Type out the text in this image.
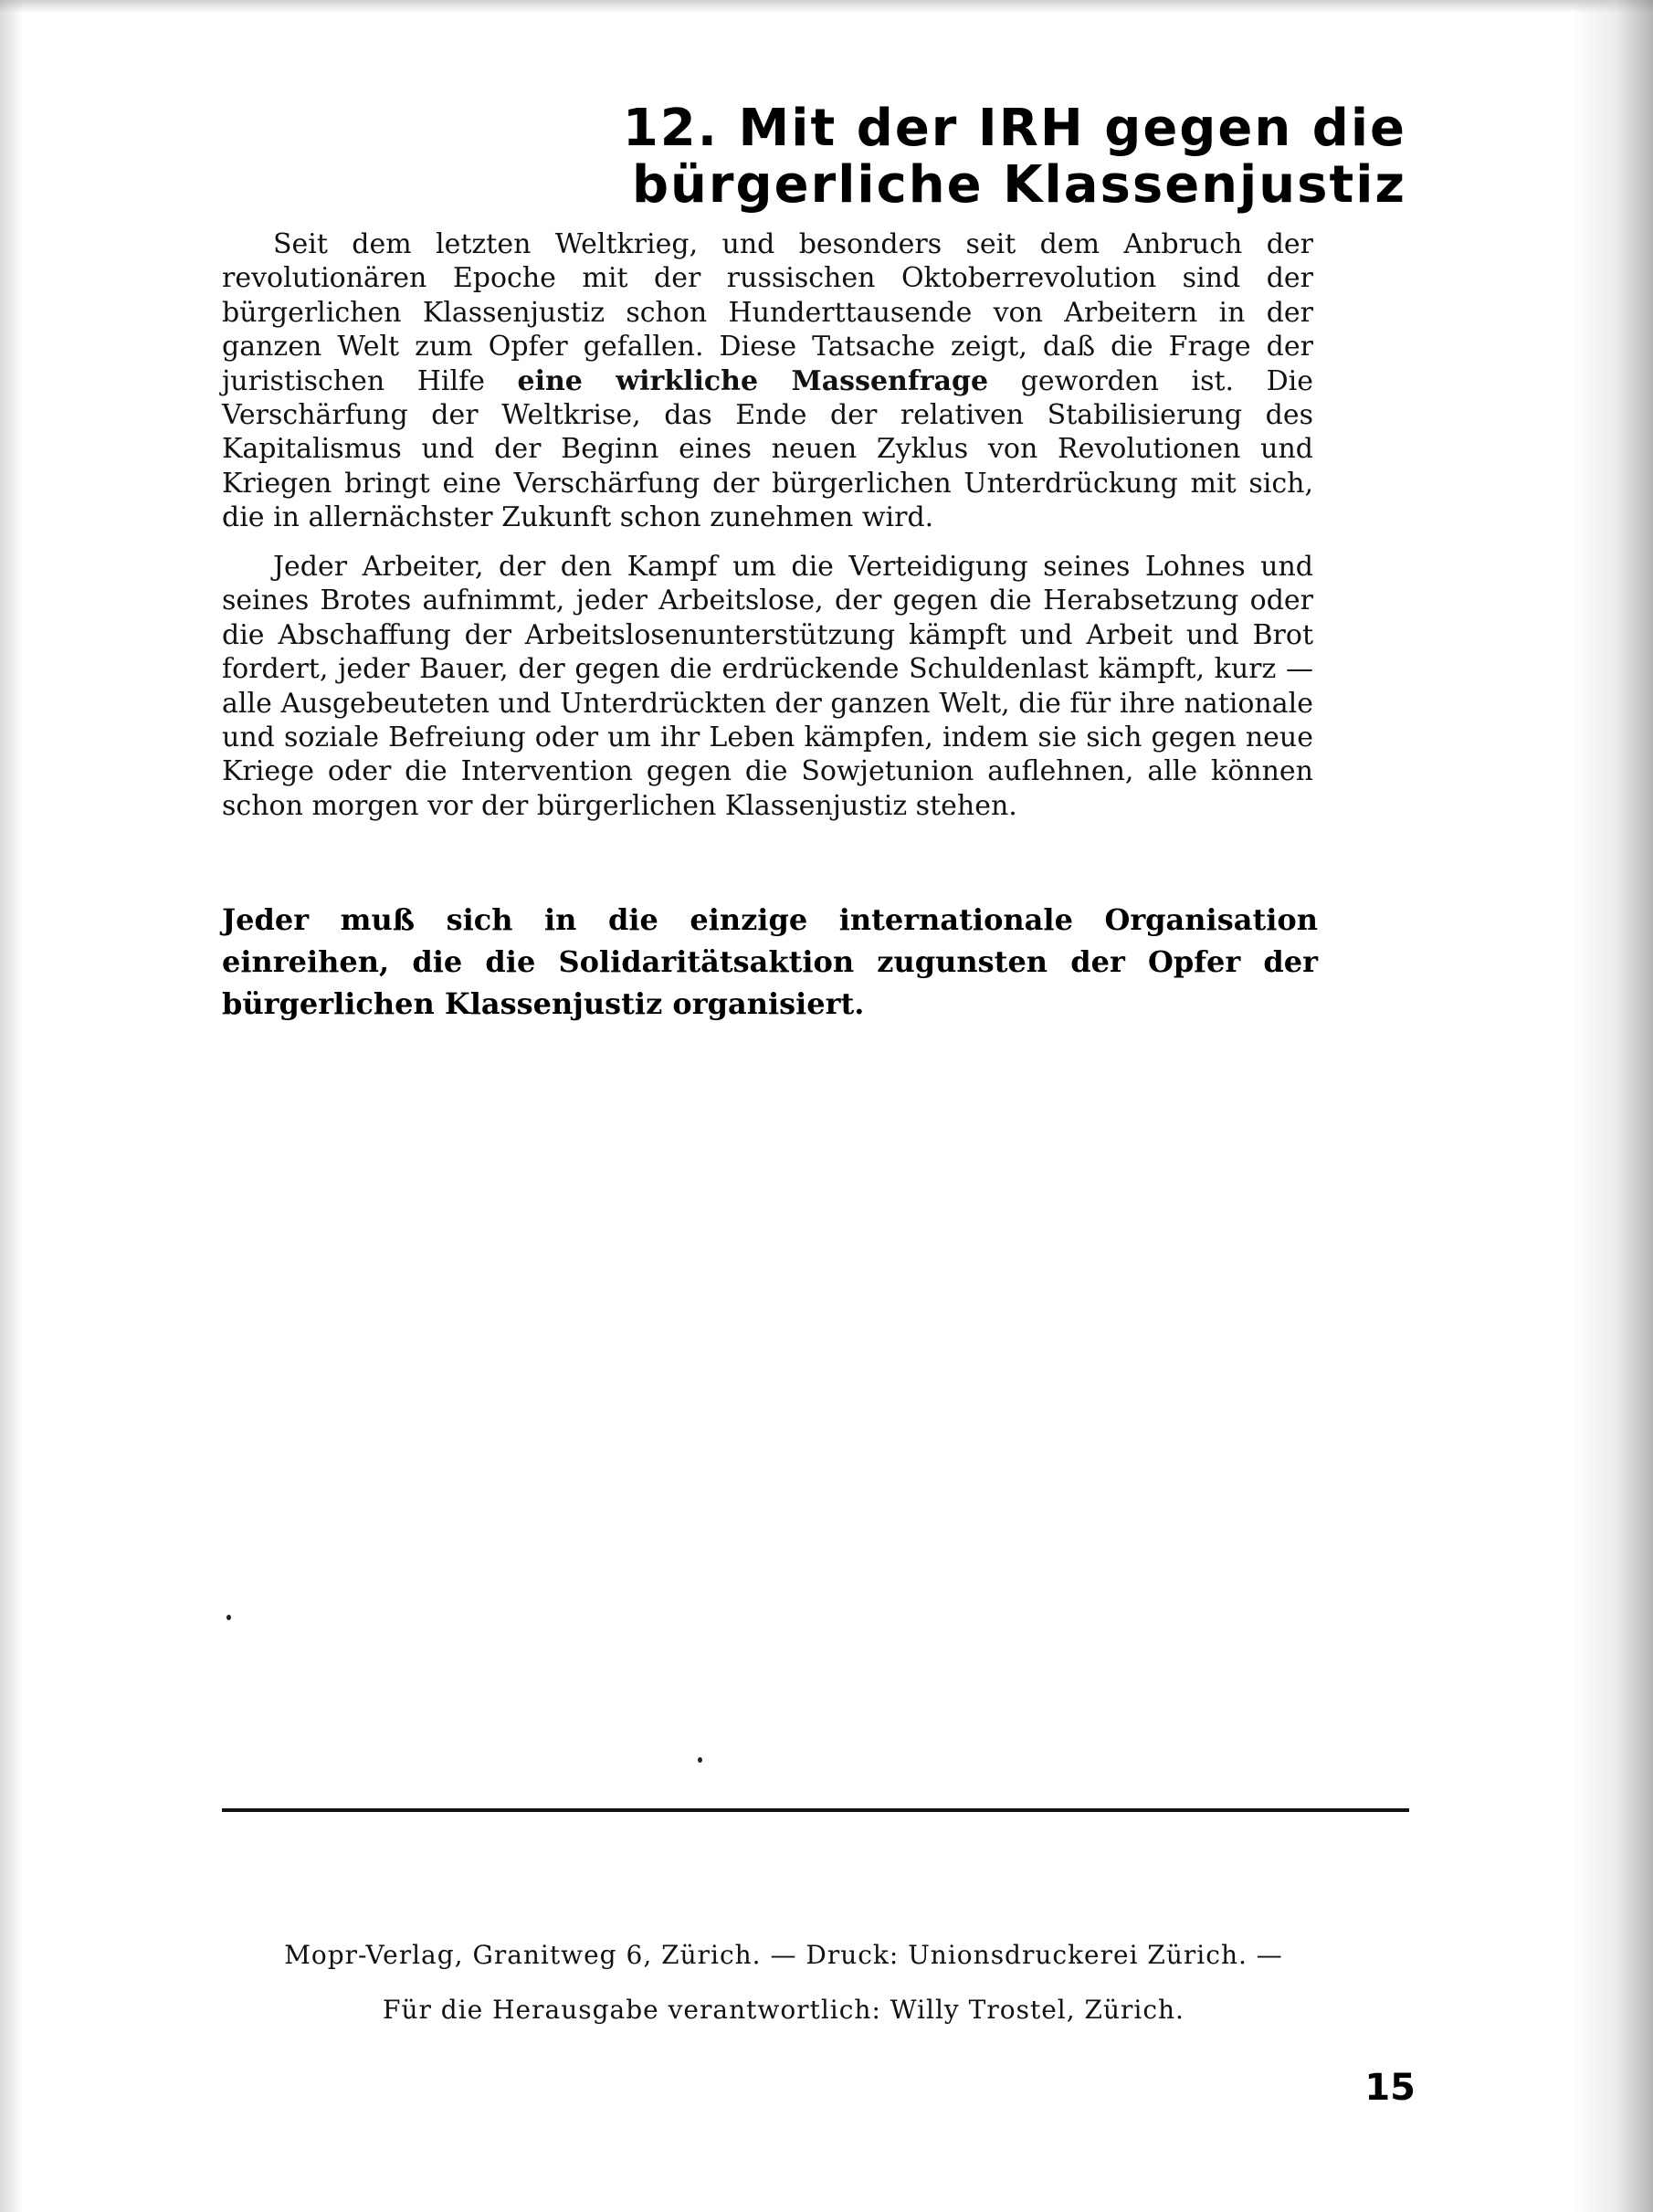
12. Mit der IRH gegen die
bürgerliche Klassenjustiz

Seit dem letzten Weltkrieg, und besonders seit dem Anbruch der revolutionären Epoche mit der russischen Oktoberrevolution sind der bürgerlichen Klassenjustiz schon Hunderttausende von Arbeitern in der ganzen Welt zum Opfer gefallen. Diese Tatsache zeigt, daß die Frage der juristischen Hilfe eine wirkliche Massenfrage geworden ist. Die Verschärfung der Weltkrise, das Ende der relativen Stabilisierung des Kapitalismus und der Beginn eines neuen Zyklus von Revolutionen und Kriegen bringt eine Verschärfung der bürgerlichen Unterdrückung mit sich, die in allernächster Zukunft schon zunehmen wird.

Jeder Arbeiter, der den Kampf um die Verteidigung seines Lohnes und seines Brotes aufnimmt, jeder Arbeitslose, der gegen die Herabsetzung oder die Abschaffung der Arbeitslosenunterstützung kämpft und Arbeit und Brot fordert, jeder Bauer, der gegen die erdrückende Schuldenlast kämpft, kurz — alle Ausgebeuteten und Unterdrückten der ganzen Welt, die für ihre nationale und soziale Befreiung oder um ihr Leben kämpfen, indem sie sich gegen neue Kriege oder die Intervention gegen die Sowjetunion auflehnen, alle können schon morgen vor der bürgerlichen Klassenjustiz stehen.

Jeder muß sich in die einzige internationale Organisation einreihen, die die Solidaritätsaktion zugunsten der Opfer der bürgerlichen Klassenjustiz organisiert.

Mopr-Verlag, Granitweg 6, Zürich. — Druck: Unionsdruckerei Zürich. —
Für die Herausgabe verantwortlich: Willy Trostel, Zürich.
15
